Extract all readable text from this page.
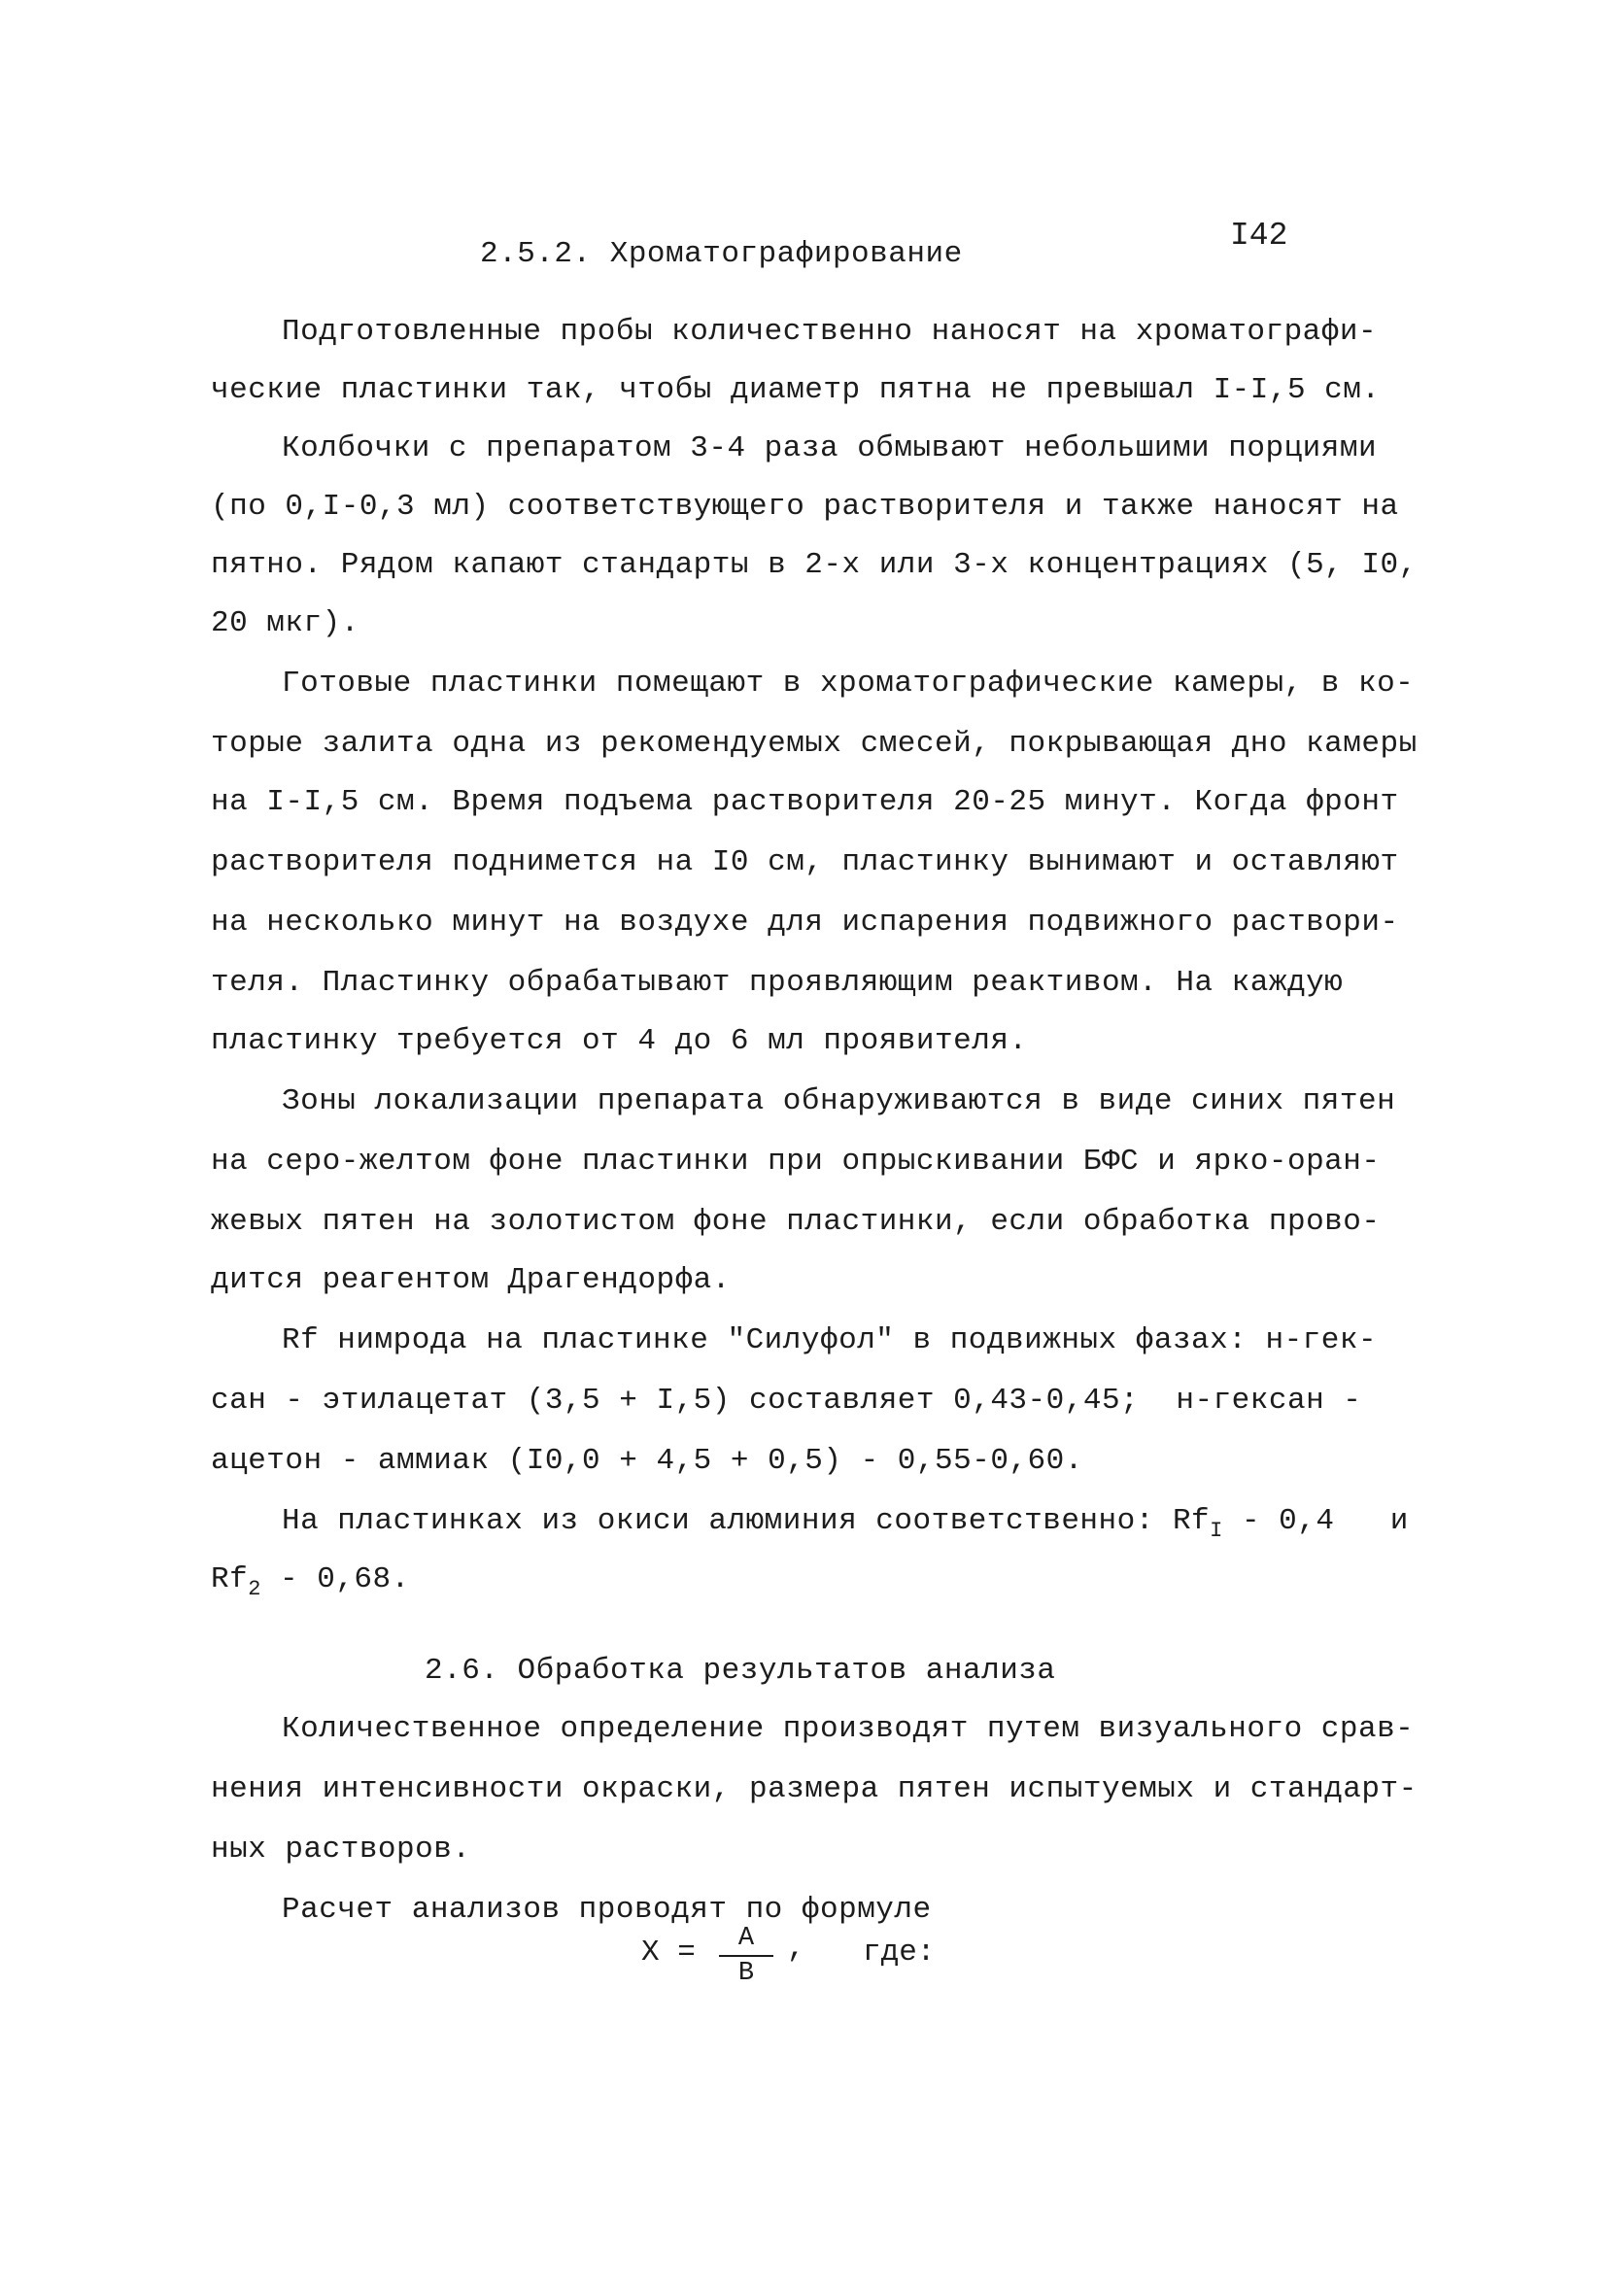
2.5.2. Хроматографирование
I42
Подготовленные пробы количественно наносят на хроматографи-
ческие пластинки так, чтобы диаметр пятна не превышал I-I,5 см.
Колбочки с препаратом 3-4 раза обмывают небольшими порциями
(по 0,I-0,3 мл) соответствующего растворителя и также наносят на
пятно. Рядом капают стандарты в 2-х или 3-х концентрациях (5, I0,
20 мкг).
Готовые пластинки помещают в хроматографические камеры, в ко-
торые залита одна из рекомендуемых смесей, покрывающая дно камеры
на I-I,5 см. Время подъема растворителя 20-25 минут. Когда фронт
растворителя поднимется на I0 см, пластинку вынимают и оставляют
на несколько минут на воздухе для испарения подвижного раствори-
теля. Пластинку обрабатывают проявляющим реактивом. На каждую
пластинку требуется от 4 до 6 мл проявителя.
Зоны локализации препарата обнаруживаются в виде синих пятен
на серо-желтом фоне пластинки при опрыскивании БФС и ярко-оран-
жевых пятен на золотистом фоне пластинки, если обработка прово-
дится реагентом Драгендорфа.
Rf нимрода на пластинке "Силуфол" в подвижных фазах: н-гек-
сан - этилацетат (3,5 + I,5) составляет 0,43-0,45;  н-гексан -
ацетон - аммиак (I0,0 + 4,5 + 0,5) - 0,55-0,60.
На пластинках из окиси алюминия соответственно: $Rf_I - 0,4$   и
$Rf_2 - 0,68$.
2.6. Обработка результатов анализа
Количественное определение производят путем визуального срав-
нения интенсивности окраски, размера пятен испытуемых и стандарт-
ных растворов.
Расчет анализов проводят по формуле
X =	A
B
, где:
